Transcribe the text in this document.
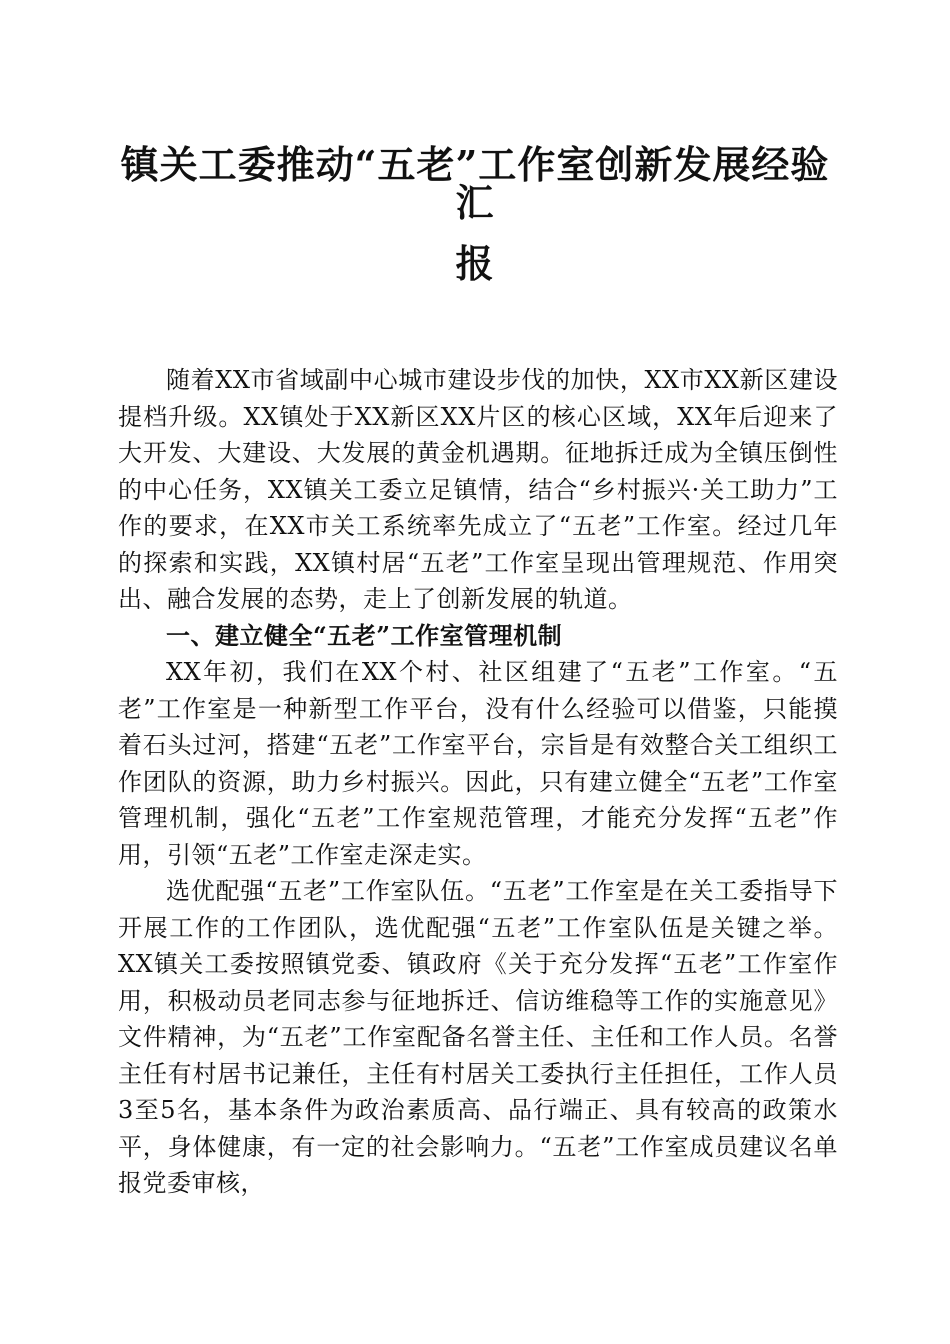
镇关工委推动“五老”工作室创新发展经验汇
报

随着XX市省域副中心城市建设步伐的加快，XX市XX新区建设提档升级。XX镇处于XX新区XX片区的核心区域，XX年后迎来了大开发、大建设、大发展的黄金机遇期。征地拆迁成为全镇压倒性的中心任务，XX镇关工委立足镇情，结合“乡村振兴·关工助力”工作的要求，在XX市关工系统率先成立了“五老”工作室。经过几年的探索和实践，XX镇村居“五老”工作室呈现出管理规范、作用突出、融合发展的态势，走上了创新发展的轨道。

一、建立健全“五老”工作室管理机制

XX年初，我们在XX个村、社区组建了“五老”工作室。“五老”工作室是一种新型工作平台，没有什么经验可以借鉴，只能摸着石头过河，搭建“五老”工作室平台，宗旨是有效整合关工组织工作团队的资源，助力乡村振兴。因此，只有建立健全“五老”工作室管理机制，强化“五老”工作室规范管理，才能充分发挥“五老”作用，引领“五老”工作室走深走实。

选优配强“五老”工作室队伍。“五老”工作室是在关工委指导下开展工作的工作团队，选优配强“五老”工作室队伍是关键之举。XX镇关工委按照镇党委、镇政府《关于充分发挥“五老”工作室作用，积极动员老同志参与征地拆迁、信访维稳等工作的实施意见》文件精神，为“五老”工作室配备名誉主任、主任和工作人员。名誉主任有村居书记兼任，主任有村居关工委执行主任担任，工作人员3至5名，基本条件为政治素质高、品行端正、具有较高的政策水平，身体健康，有一定的社会影响力。“五老”工作室成员建议名单报党委审核，
